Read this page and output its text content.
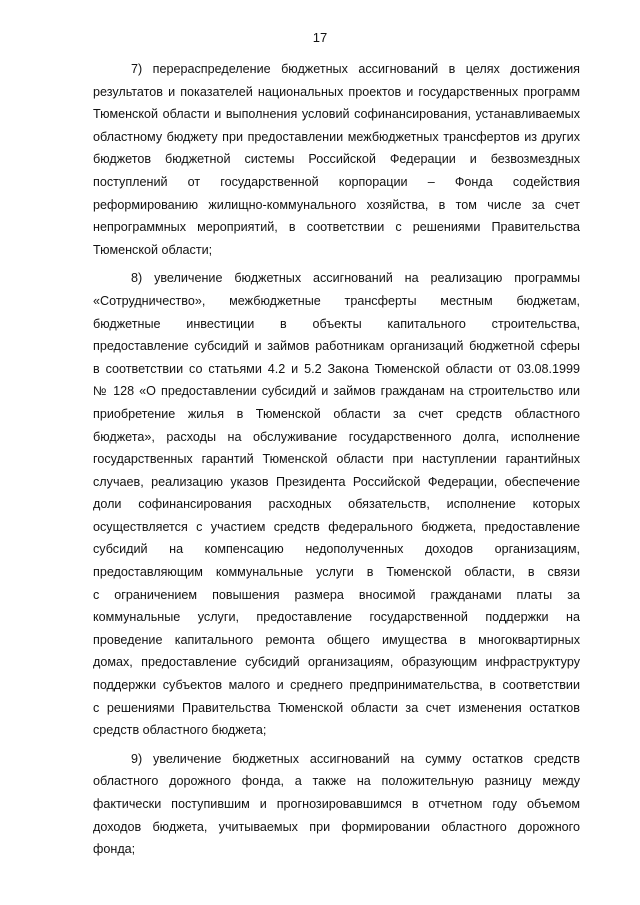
17

7) перераспределение бюджетных ассигнований в целях достижения
результатов и показателей национальных проектов и государственных программ
Тюменской области и выполнения условий софинансирования, устанавливаемых
областному бюджету при предоставлении межбюджетных трансфертов из других
бюджетов бюджетной системы Российской Федерации и безвозмездных
поступлений от государственной корпорации – Фонда содействия
реформированию жилищно-коммунального хозяйства, в том числе за счет
непрограммных мероприятий, в соответствии с решениями Правительства
Тюменской области;

8) увеличение бюджетных ассигнований на реализацию программы
«Сотрудничество», межбюджетные трансферты местным бюджетам,
бюджетные инвестиции в объекты капитального строительства,
предоставление субсидий и займов работникам организаций бюджетной сферы
в соответствии со статьями 4.2 и 5.2 Закона Тюменской области от 03.08.1999
№ 128 «О предоставлении субсидий и займов гражданам на строительство или
приобретение жилья в Тюменской области за счет средств областного
бюджета», расходы на обслуживание государственного долга, исполнение
государственных гарантий Тюменской области при наступлении гарантийных
случаев, реализацию указов Президента Российской Федерации, обеспечение
доли софинансирования расходных обязательств, исполнение которых
осуществляется с участием средств федерального бюджета, предоставление
субсидий на компенсацию недополученных доходов организациям,
предоставляющим коммунальные услуги в Тюменской области, в связи
с ограничением повышения размера вносимой гражданами платы за
коммунальные услуги, предоставление государственной поддержки на
проведение капитального ремонта общего имущества в многоквартирных
домах, предоставление субсидий организациям, образующим инфраструктуру
поддержки субъектов малого и среднего предпринимательства, в соответствии
с решениями Правительства Тюменской области за счет изменения остатков
средств областного бюджета;

9) увеличение бюджетных ассигнований на сумму остатков средств
областного дорожного фонда, а также на положительную разницу между
фактически поступившим и прогнозировавшимся в отчетном году объемом
доходов бюджета, учитываемых при формировании областного дорожного
фонда;
